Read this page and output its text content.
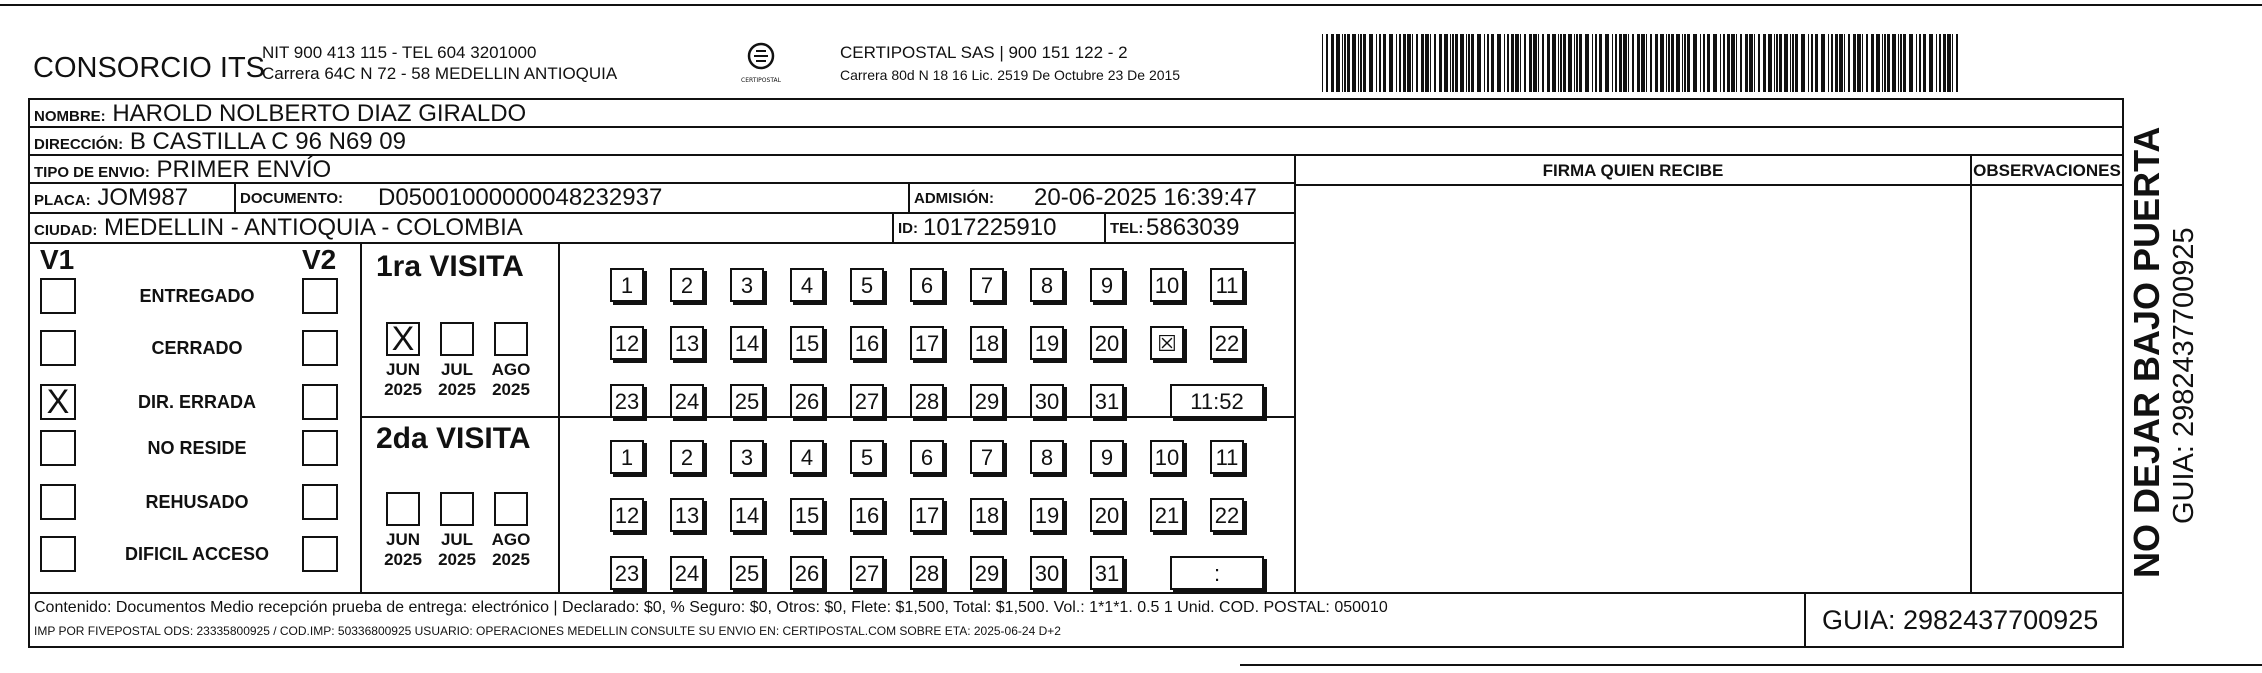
CONSORCIO ITS
NIT 900 413 115 - TEL 604 3201000
Carrera 64C N 72 - 58 MEDELLIN ANTIOQUIA	CERTIPOSTAL
CERTIPOSTAL SAS | 900 151 122 - 2
Carrera 80d N 18 16 Lic. 2519 De Octubre 23 De 2015
NOMBRE: HAROLD NOLBERTO DIAZ GIRALDO
DIRECCIÓN: B CASTILLA C 96 N69 09
TIPO DE ENVIO: PRIMER ENVÍO
PLACA: JOM987	DOCUMENTO: D05001000000048232937	ADMISIÓN: 20-06-2025 16:39:47
CIUDAD: MEDELLIN - ANTIOQUIA - COLOMBIA	ID: 1017225910	TEL: 5863039
FIRMA QUIEN RECIBE	OBSERVACIONES
V1	V2
ENTREGADO
CERRADO
X	DIR. ERRADA
NO RESIDE
REHUSADO
DIFICIL ACCESO
1ra VISITA
2da VISITA
X
JUN
2025
JUL
2025
AGO
2025
JUN
2025
JUL
2025
AGO
2025
1	2	3	4	5	6	7	8	9	10 11
12 13 14 15 16 17 18 19 20	☒	22
23 24 25 26 27 28 29 30 31	11:52
1	2	3	4	5	6	7	8	9	10 11
12 13 14 15 16 17 18 19 20 21 22
23 24 25 26 27 28 29 30 31	:
Contenido: Documentos Medio recepción prueba de entrega: electrónico | Declarado: $0, % Seguro: $0, Otros: $0, Flete: $1,500, Total: $1,500. Vol.: 1*1*1. 0.5 1 Unid. COD. POSTAL: 050010
IMP POR FIVEPOSTAL ODS: 23335800925 / COD.IMP: 50336800925 USUARIO: OPERACIONES MEDELLIN CONSULTE SU ENVIO EN: CERTIPOSTAL.COM SOBRE ETA: 2025-06-24 D+2	GUIA: 2982437700925
NO DEJAR BAJO PUERTA GUIA: 2982437700925
